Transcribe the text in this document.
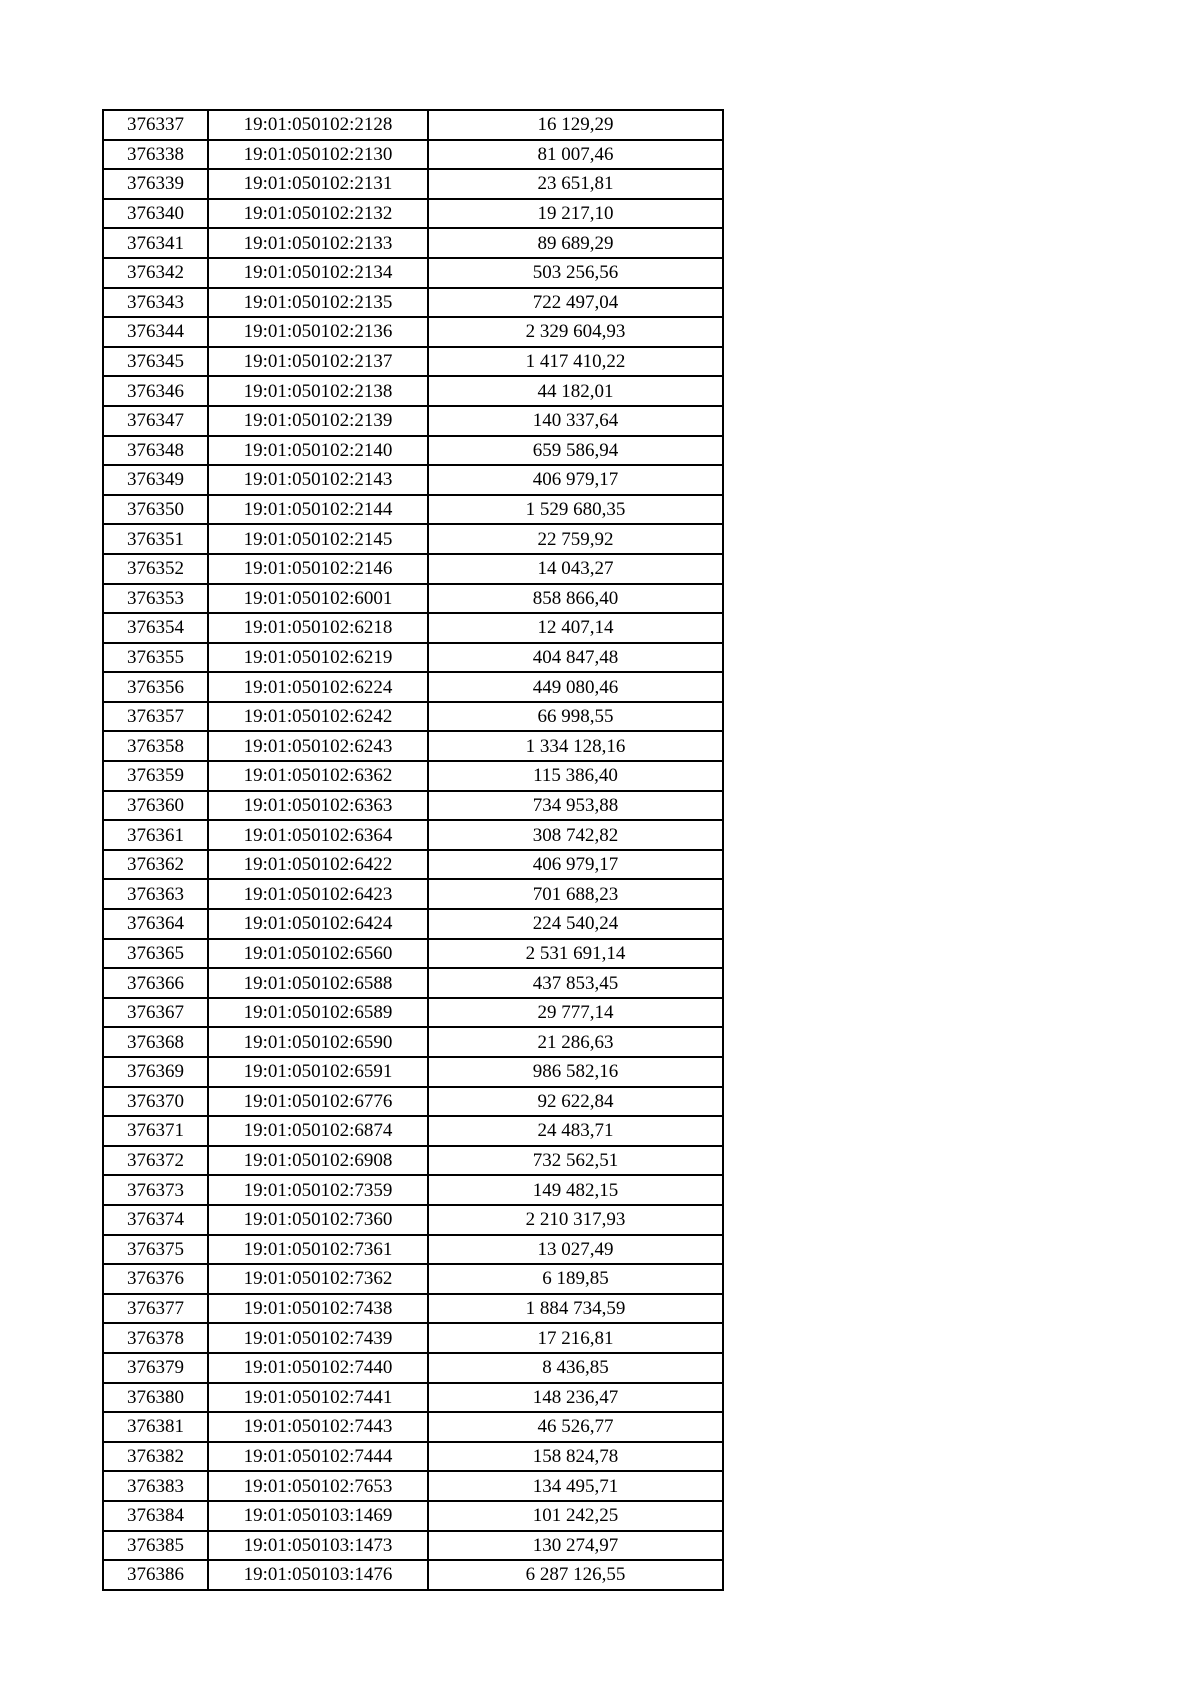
376337	19:01:050102:2128	16 129,29
376338	19:01:050102:2130	81 007,46
376339	19:01:050102:2131	23 651,81
376340	19:01:050102:2132	19 217,10
376341	19:01:050102:2133	89 689,29
376342	19:01:050102:2134	503 256,56
376343	19:01:050102:2135	722 497,04
376344	19:01:050102:2136	2 329 604,93
376345	19:01:050102:2137	1 417 410,22
376346	19:01:050102:2138	44 182,01
376347	19:01:050102:2139	140 337,64
376348	19:01:050102:2140	659 586,94
376349	19:01:050102:2143	406 979,17
376350	19:01:050102:2144	1 529 680,35
376351	19:01:050102:2145	22 759,92
376352	19:01:050102:2146	14 043,27
376353	19:01:050102:6001	858 866,40
376354	19:01:050102:6218	12 407,14
376355	19:01:050102:6219	404 847,48
376356	19:01:050102:6224	449 080,46
376357	19:01:050102:6242	66 998,55
376358	19:01:050102:6243	1 334 128,16
376359	19:01:050102:6362	115 386,40
376360	19:01:050102:6363	734 953,88
376361	19:01:050102:6364	308 742,82
376362	19:01:050102:6422	406 979,17
376363	19:01:050102:6423	701 688,23
376364	19:01:050102:6424	224 540,24
376365	19:01:050102:6560	2 531 691,14
376366	19:01:050102:6588	437 853,45
376367	19:01:050102:6589	29 777,14
376368	19:01:050102:6590	21 286,63
376369	19:01:050102:6591	986 582,16
376370	19:01:050102:6776	92 622,84
376371	19:01:050102:6874	24 483,71
376372	19:01:050102:6908	732 562,51
376373	19:01:050102:7359	149 482,15
376374	19:01:050102:7360	2 210 317,93
376375	19:01:050102:7361	13 027,49
376376	19:01:050102:7362	6 189,85
376377	19:01:050102:7438	1 884 734,59
376378	19:01:050102:7439	17 216,81
376379	19:01:050102:7440	8 436,85
376380	19:01:050102:7441	148 236,47
376381	19:01:050102:7443	46 526,77
376382	19:01:050102:7444	158 824,78
376383	19:01:050102:7653	134 495,71
376384	19:01:050103:1469	101 242,25
376385	19:01:050103:1473	130 274,97
376386	19:01:050103:1476	6 287 126,55
